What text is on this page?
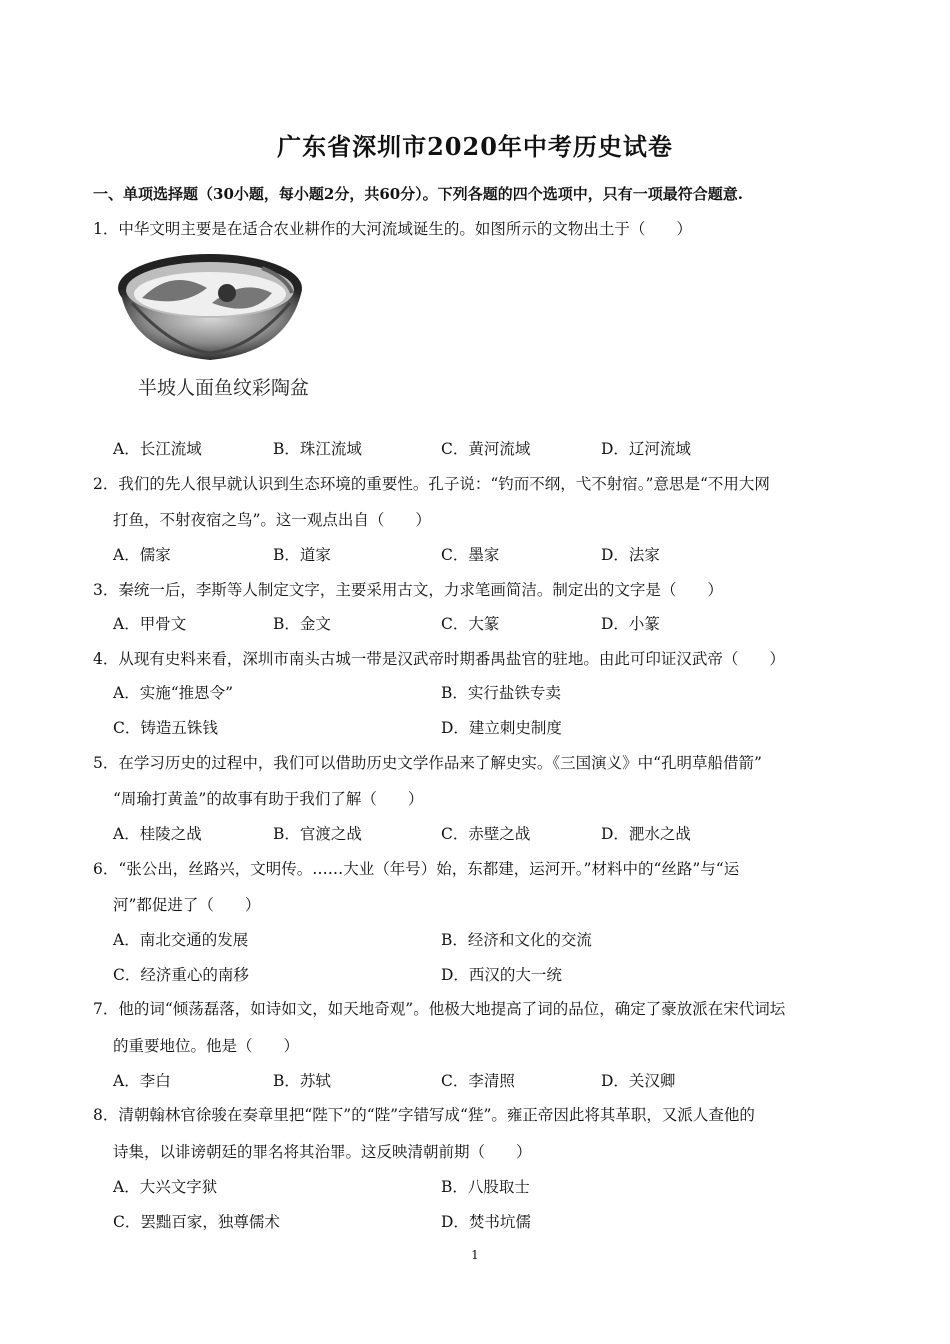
广东省深圳市2020年中考历史试卷
一、单项选择题（30小题，每小题2分，共60分）。下列各题的四个选项中，只有一项最符合题意.
1．中华文明主要是在适合农业耕作的大河流域诞生的。如图所示的文物出土于（　　）
半坡人面鱼纹彩陶盆
A．长江流域	B．珠江流域	C．黄河流域	D．辽河流域
2．我们的先人很早就认识到生态环境的重要性。孔子说：“钓而不纲，弋不射宿。”意思是“不用大网
打鱼，不射夜宿之鸟”。这一观点出自（　　）
A．儒家	B．道家	C．墨家	D．法家
3．秦统一后，李斯等人制定文字，主要采用古文，力求笔画简洁。制定出的文字是（　　）
A．甲骨文	B．金文	C．大篆	D．小篆
4．从现有史料来看，深圳市南头古城一带是汉武帝时期番禺盐官的驻地。由此可印证汉武帝（　　）
A．实施“推恩令”	B．实行盐铁专卖
C．铸造五铢钱	D．建立刺史制度
5．在学习历史的过程中，我们可以借助历史文学作品来了解史实。《三国演义》中“孔明草船借箭”
“周瑜打黄盖”的故事有助于我们了解（　　）
A．桂陵之战	B．官渡之战	C．赤壁之战	D．淝水之战
6．“张公出，丝路兴，文明传。……大业（年号）始，东都建，运河开。”材料中的“丝路”与“运
河”都促进了（　　）
A．南北交通的发展	B．经济和文化的交流
C．经济重心的南移	D．西汉的大一统
7．他的词“倾荡磊落，如诗如文，如天地奇观”。他极大地提高了词的品位，确定了豪放派在宋代词坛
的重要地位。他是（　　）
A．李白	B．苏轼	C．李清照	D．关汉卿
8．清朝翰林官徐骏在奏章里把“陛下”的“陛”字错写成“狴”。雍正帝因此将其革职，又派人查他的
诗集，以诽谤朝廷的罪名将其治罪。这反映清朝前期（　　）
A．大兴文字狱	B．八股取士
C．罢黜百家，独尊儒术	D．焚书坑儒
1
